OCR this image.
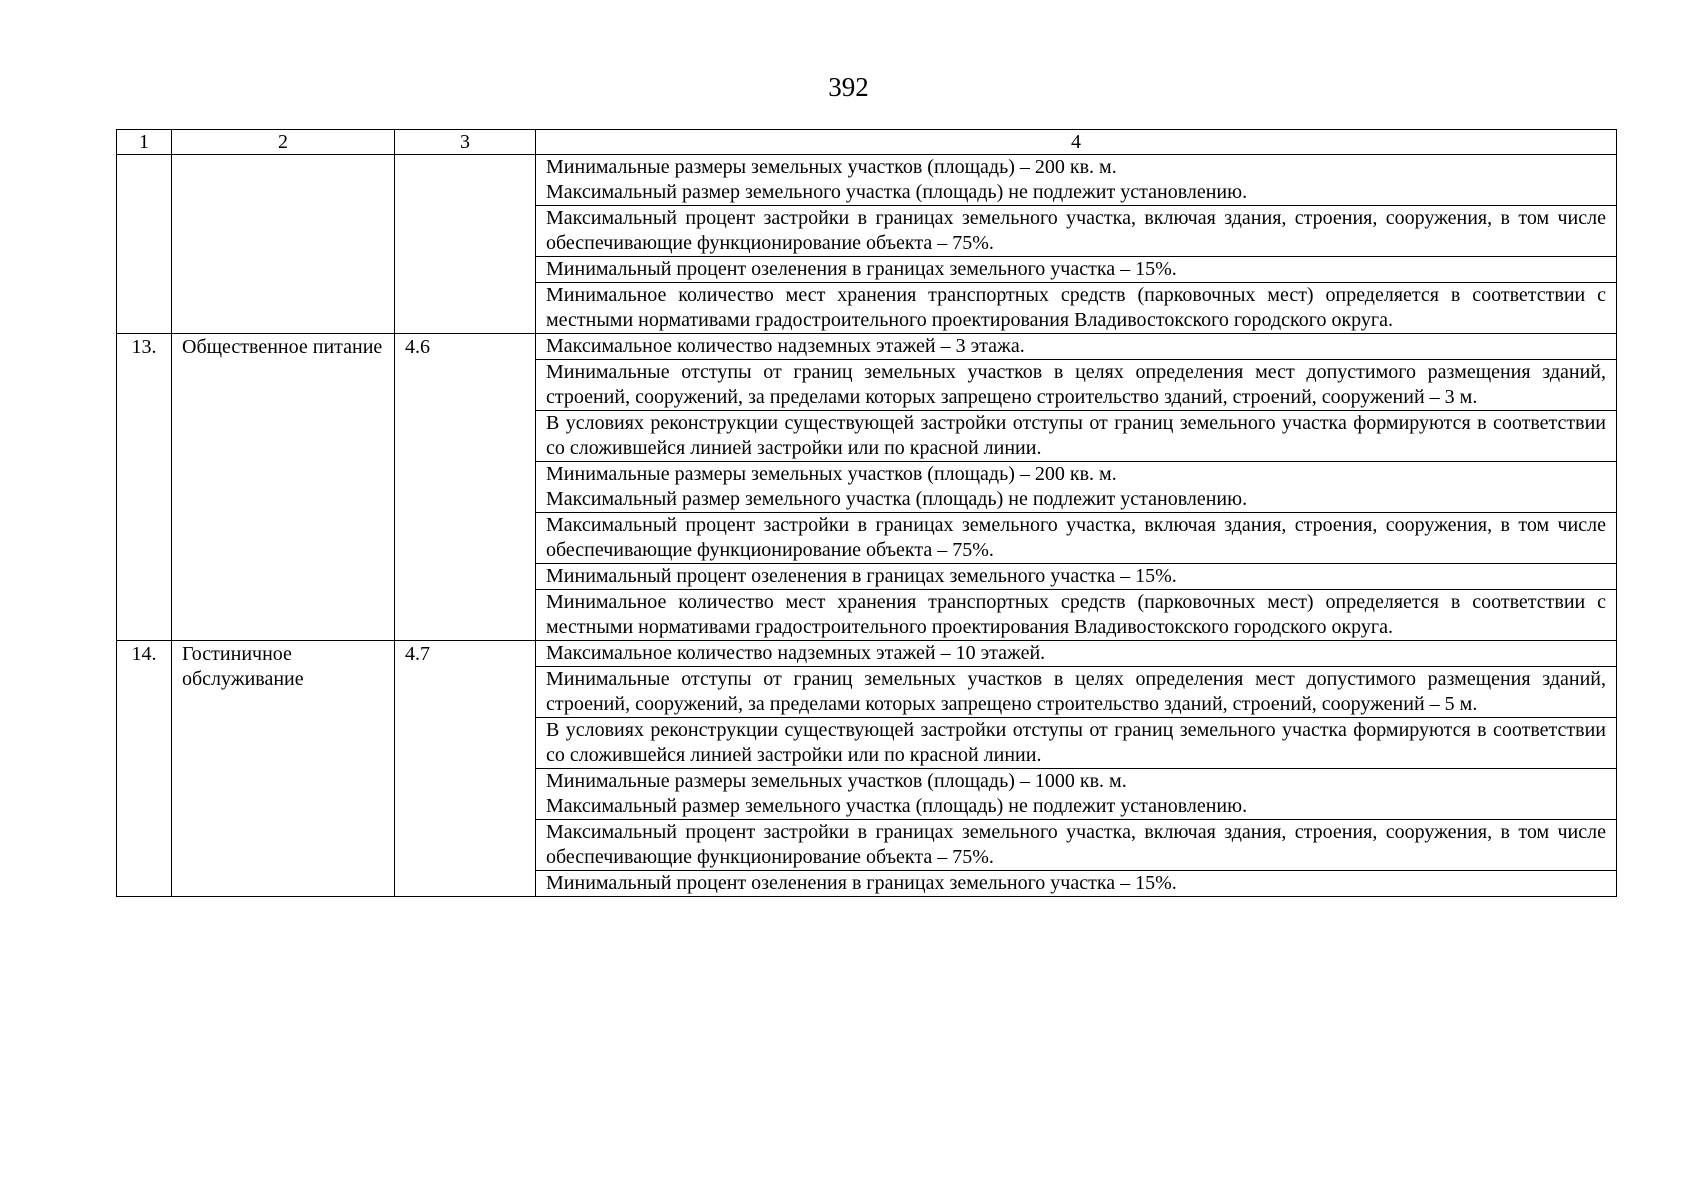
392
1	2	3	4

			Минимальные размеры земельных участков (площадь) – 200 кв. м.
Максимальный размер земельного участка (площадь) не подлежит установлению.

			Максимальный процент застройки в границах земельного участка, включая здания, строения, сооружения, в том числе обеспечивающие функционирование объекта – 75%.

			Минимальный процент озеленения в границах земельного участка – 15%.

			Минимальное количество мест хранения транспортных средств (парковочных мест) определяется в соответствии с местными нормативами градостроительного проектирования Владивостокского городского округа.

13.	Общественное питание	4.6	Максимальное количество надземных этажей – 3 этажа.

			Минимальные отступы от границ земельных участков в целях определения мест допустимого размещения зданий, строений, сооружений, за пределами которых запрещено строительство зданий, строений, сооружений – 3 м.

			В условиях реконструкции существующей застройки отступы от границ земельного участка формируются в соответствии со сложившейся линией застройки или по красной линии.

			Минимальные размеры земельных участков (площадь) – 200 кв. м.
Максимальный размер земельного участка (площадь) не подлежит установлению.

			Максимальный процент застройки в границах земельного участка, включая здания, строения, сооружения, в том числе обеспечивающие функционирование объекта – 75%.

			Минимальный процент озеленения в границах земельного участка – 15%.

			Минимальное количество мест хранения транспортных средств (парковочных мест) определяется в соответствии с местными нормативами градостроительного проектирования Владивостокского городского округа.

14.	Гостиничное обслуживание	4.7	Максимальное количество надземных этажей – 10 этажей.

			Минимальные отступы от границ земельных участков в целях определения мест допустимого размещения зданий, строений, сооружений, за пределами которых запрещено строительство зданий, строений, сооружений – 5 м.

			В условиях реконструкции существующей застройки отступы от границ земельного участка формируются в соответствии со сложившейся линией застройки или по красной линии.

			Минимальные размеры земельных участков (площадь) – 1000 кв. м.
Максимальный размер земельного участка (площадь) не подлежит установлению.

			Максимальный процент застройки в границах земельного участка, включая здания, строения, сооружения, в том числе обеспечивающие функционирование объекта – 75%.

			Минимальный процент озеленения в границах земельного участка – 15%.
